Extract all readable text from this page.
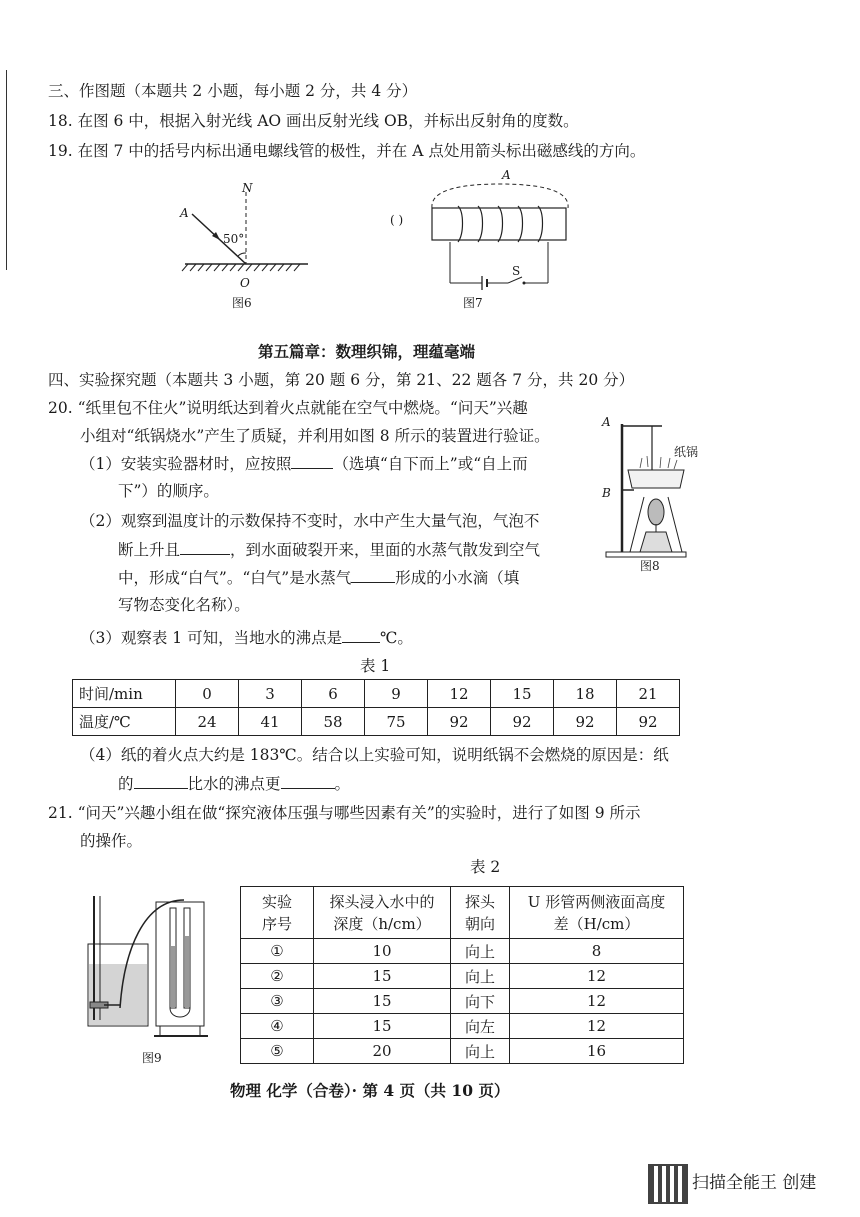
三、作图题（本题共 2 小题，每小题 2 分，共 4 分）
18. 在图 6 中，根据入射光线 AO 画出反射光线 OB，并标出反射角的度数。
19. 在图 7 中的括号内标出通电螺线管的极性，并在 A 点处用箭头标出磁感线的方向。
N
A
50°
O
图6
A
( )
S
图7
第五篇章：数理织锦，理蕴毫端
四、实验探究题（本题共 3 小题，第 20 题 6 分，第 21、22 题各 7 分，共 20 分）
20. “纸里包不住火”说明纸达到着火点就能在空气中燃烧。“问天”兴趣
小组对“纸锅烧水”产生了质疑，并利用如图 8 所示的装置进行验证。
（1）安装实验器材时，应按照	（选填“自下而上”或“自上而
下”）的顺序。
（2）观察到温度计的示数保持不变时，水中产生大量气泡，气泡不
断上升且	，到水面破裂开来，里面的水蒸气散发到空气
中，形成“白气”。“白气”是水蒸气	形成的小水滴（填
写物态变化名称）。
（3）观察表 1 可知，当地水的沸点是 ℃。
A
B
纸锅
图8
表 1
时间/min	0	3	6	9	12	15	18	21
温度/℃	24	41	58	75	92	92	92	92
（4）纸的着火点大约是 183℃。结合以上实验可知，说明纸锅不会燃烧的原因是：纸
的	比水的沸点更	。
21. “问天”兴趣小组在做“探究液体压强与哪些因素有关”的实验时，进行了如图 9 所示
的操作。
图9
表 2
实验
序号	探头浸入水中的
深度（h/cm）	探头
朝向	U 形管两侧液面高度
差（H/cm）
①	10	向上	8
②	15	向上	12
③	15	向下	12
④	15	向左	12
⑤	20	向上	16
物理 化学（合卷）· 第 4 页（共 10 页）
扫描全能王 创建
